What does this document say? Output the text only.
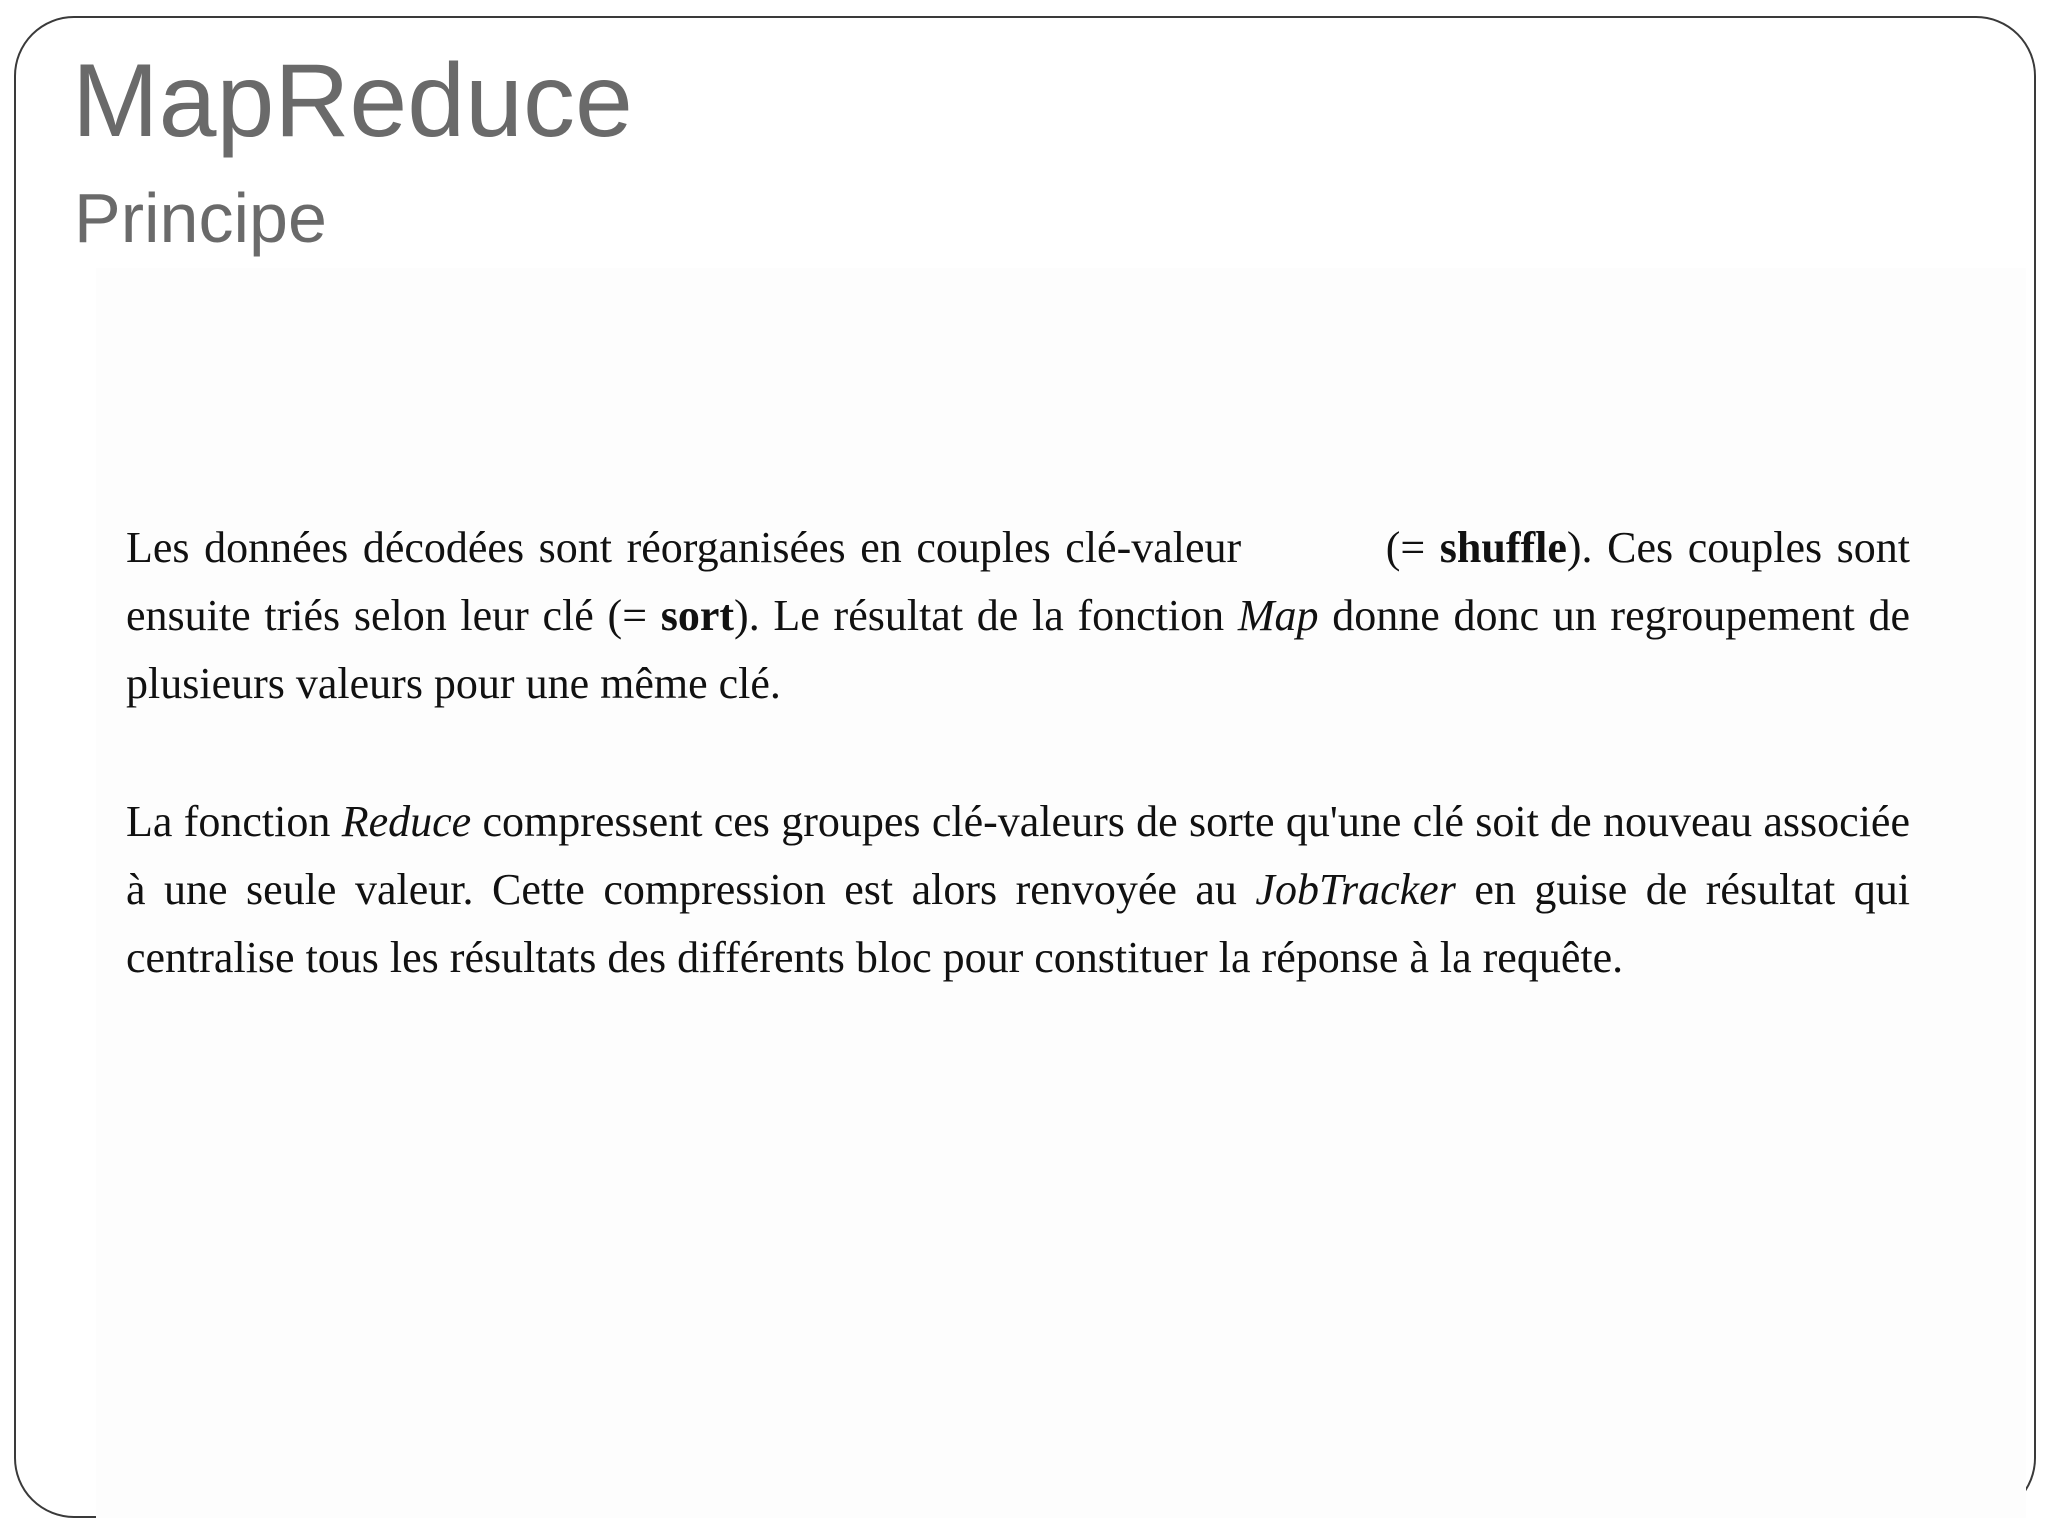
MapReduce
Principe

Les données décodées sont réorganisées en couples clé-valeur	(= shuffle). Ces couples sont ensuite triés selon leur clé (= sort). Le résultat de la fonction Map donne donc un regroupement de plusieurs valeurs pour une même clé.

La fonction Reduce compressent ces groupes clé-valeurs de sorte qu'une clé soit de nouveau associée à une seule valeur. Cette compression est alors renvoyée au JobTracker en guise de résultat qui centralise tous les résultats des différents bloc pour constituer la réponse à la requête.
